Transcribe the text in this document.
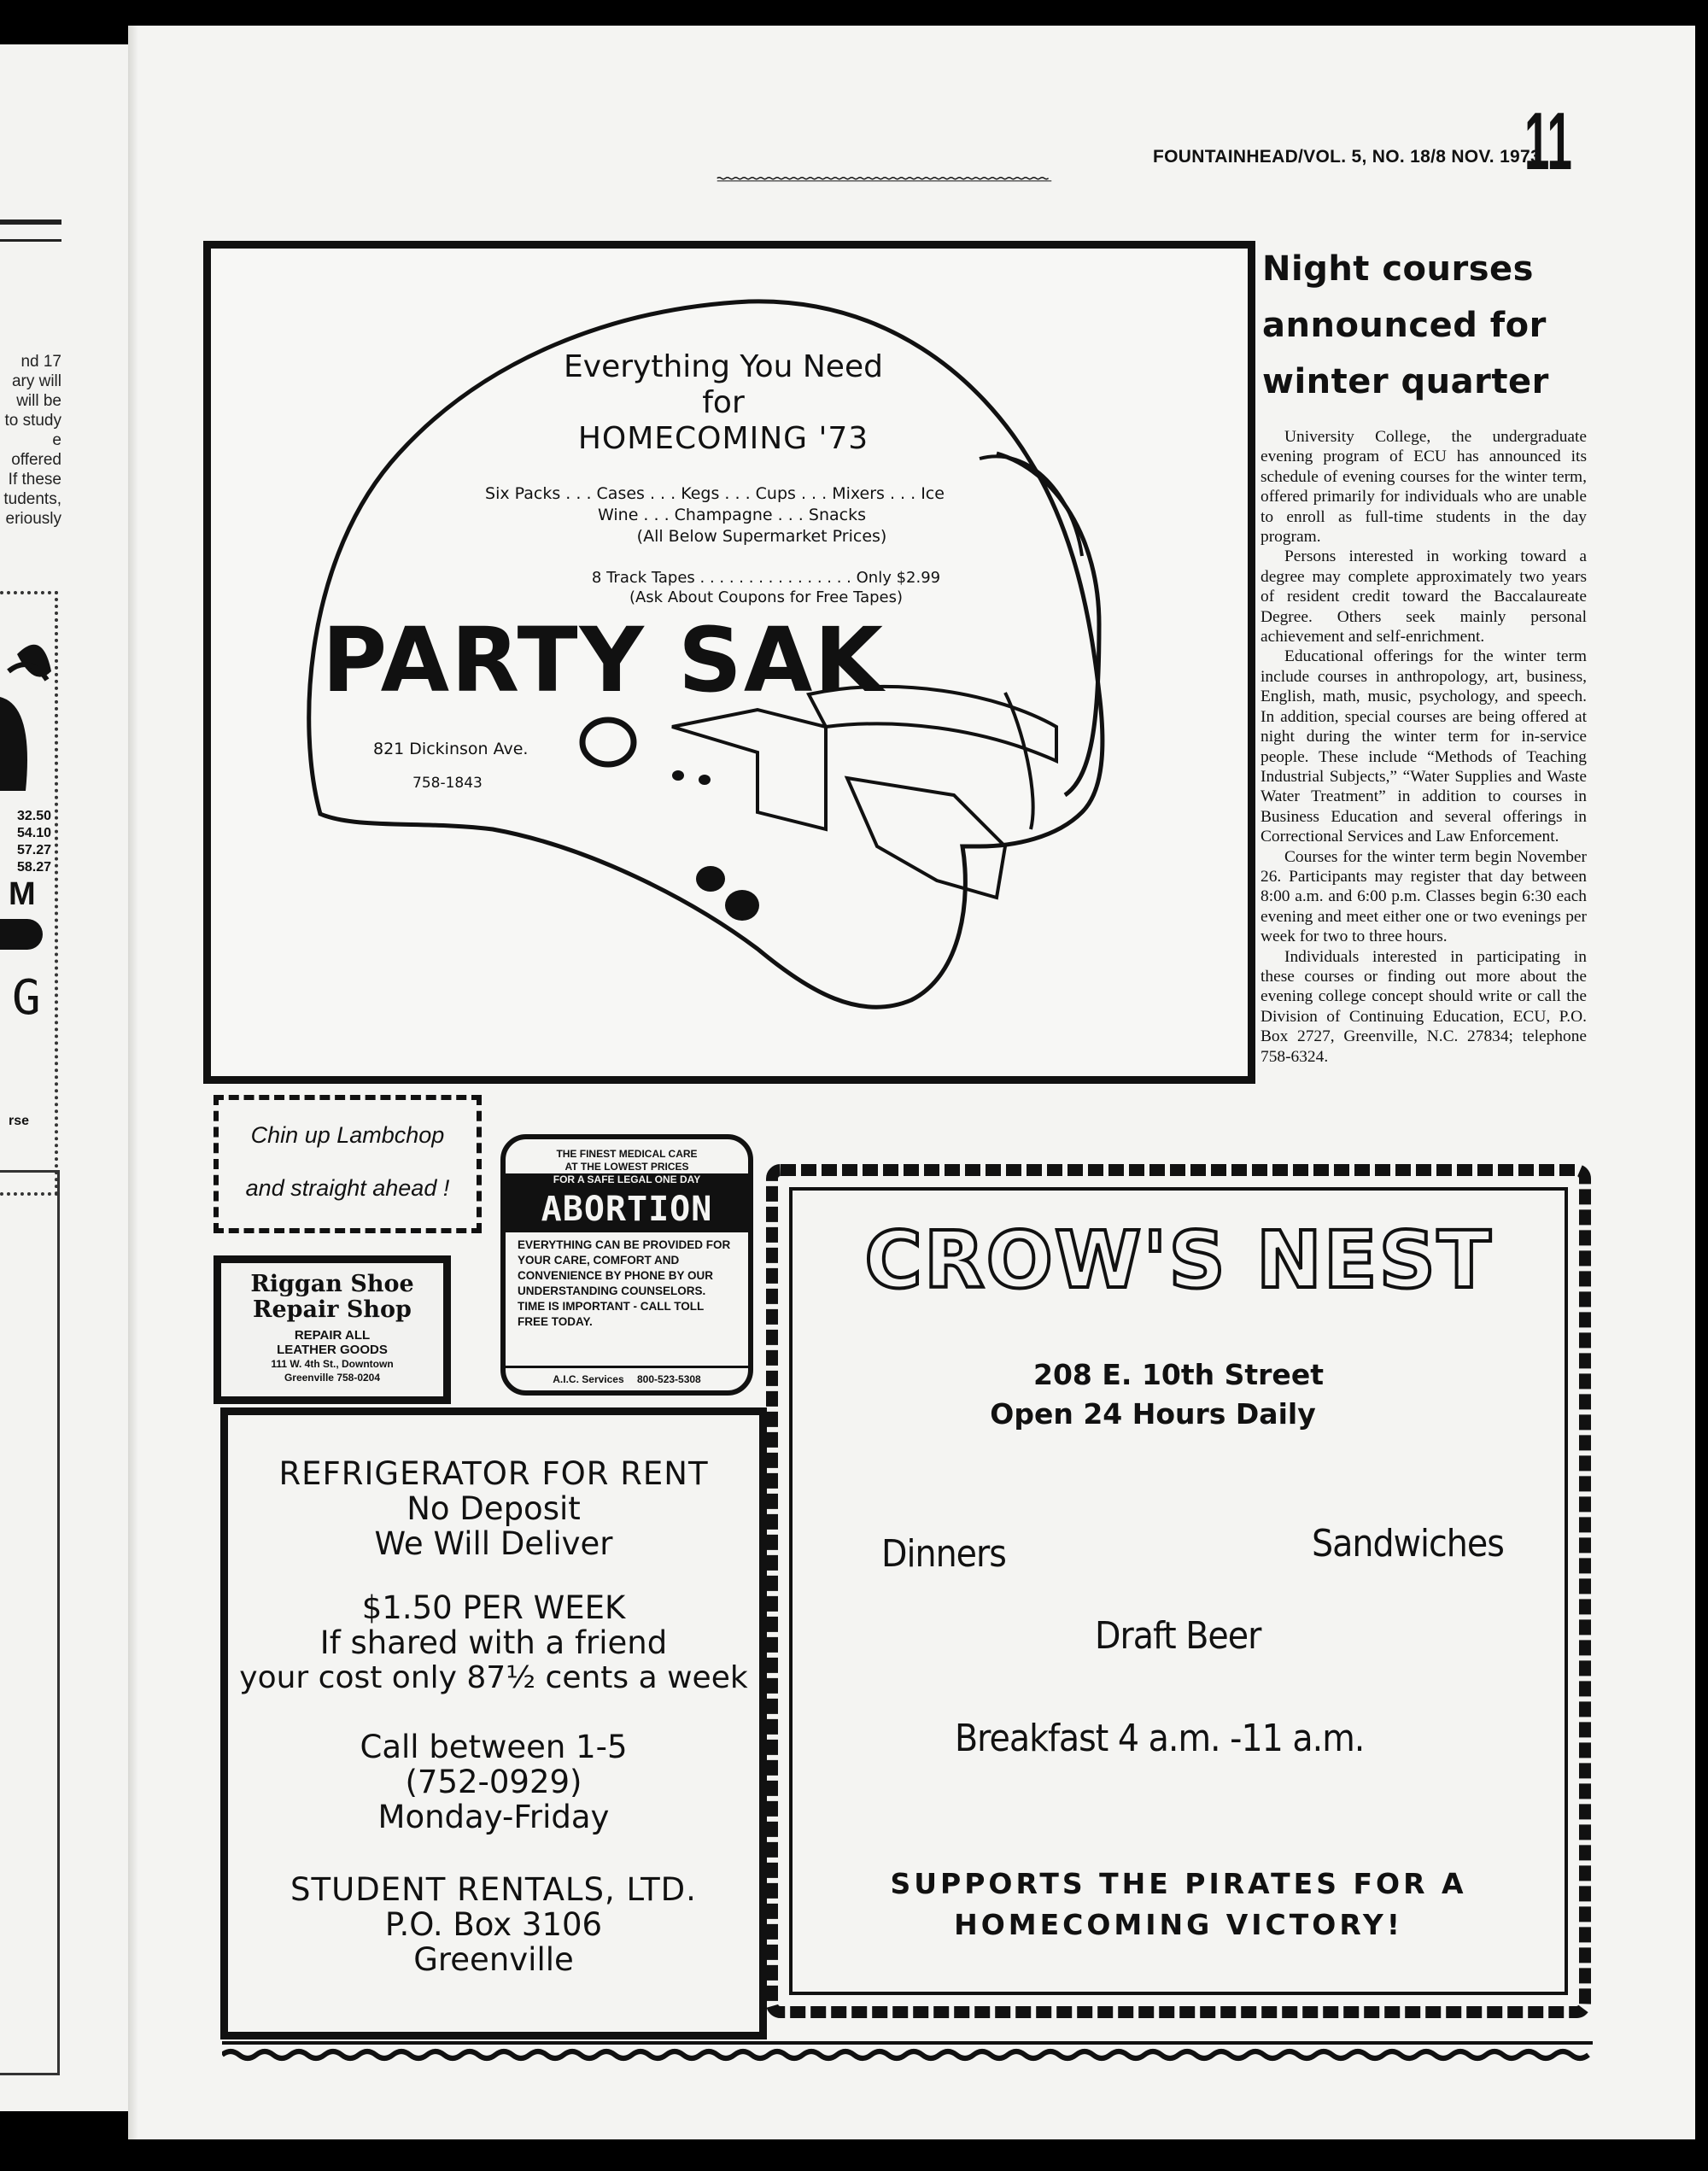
nd 17
ary will
will be
to study
e offered
If these
tudents,
eriously
32.50
54.10
57.27
58.27
M
G
rse
FOUNTAINHEAD/VOL. 5, NO. 18/8 NOV. 1973
11
Everything You Need
for
HOMECOMING '73
Six Packs . . . Cases . . . Kegs . . . Cups . . . Mixers . . . Ice
Wine . . . Champagne . . . Snacks
(All Below Supermarket Prices)
8 Track Tapes . . . . . . . . . . . . . . . . Only $2.99
(Ask About Coupons for Free Tapes)
PARTY SAK
821 Dickinson Ave.
758-1843
Night courses
announced for
winter quarter

University College, the undergraduate evening program of ECU has announced its schedule of evening courses for the winter term, offered primarily for individuals who are unable to enroll as full-time students in the day program.

Persons interested in working toward a degree may complete approximately two years of resident credit toward the Baccalaureate Degree. Others seek mainly personal achievement and self-enrichment.

Educational offerings for the winter term include courses in anthropology, art, business, English, math, music, psychology, and speech. In addition, special courses are being offered at night during the winter term for in-service people. These include “Methods of Teaching Industrial Subjects,” “Water Supplies and Waste Water Treatment” in addition to courses in Business Education and several offerings in Correctional Services and Law Enforcement.

Courses for the winter term begin November 26. Participants may register that day between 8:00 a.m. and 6:00 p.m. Classes begin 6:30 each evening and meet either one or two evenings per week for two to three hours.

Individuals interested in participating in these courses or finding out more about the evening college concept should write or call the Division of Continuing Education, ECU, P.O. Box 2727, Greenville, N.C. 27834; telephone 758-6324.

Chin up Lambchop
and straight ahead !
Riggan Shoe
Repair Shop
REPAIR ALL
LEATHER GOODS
111 W. 4th St., Downtown
Greenville 758-0204
THE FINEST MEDICAL CARE
AT THE LOWEST PRICES
FOR A SAFE LEGAL ONE DAY
ABORTION
EVERYTHING CAN BE PROVIDED FOR YOUR CARE, COMFORT AND CONVENIENCE BY PHONE BY OUR UNDERSTANDING COUNSELORS. TIME IS IMPORTANT - CALL TOLL FREE TODAY.
A.I.C. Services 800-523-5308
REFRIGERATOR FOR RENT
No Deposit
We Will Deliver
$1.50 PER WEEK
If shared with a friend
your cost only 87½ cents a week
Call between 1-5
(752-0929)
Monday-Friday
STUDENT RENTALS, LTD.
P.O. Box 3106
Greenville
CROW'S NEST
208 E. 10th Street
Open 24 Hours Daily
Dinners	Sandwiches
Draft Beer
Breakfast 4 a.m. -11 a.m.
SUPPORTS THE PIRATES FOR A
HOMECOMING VICTORY!
